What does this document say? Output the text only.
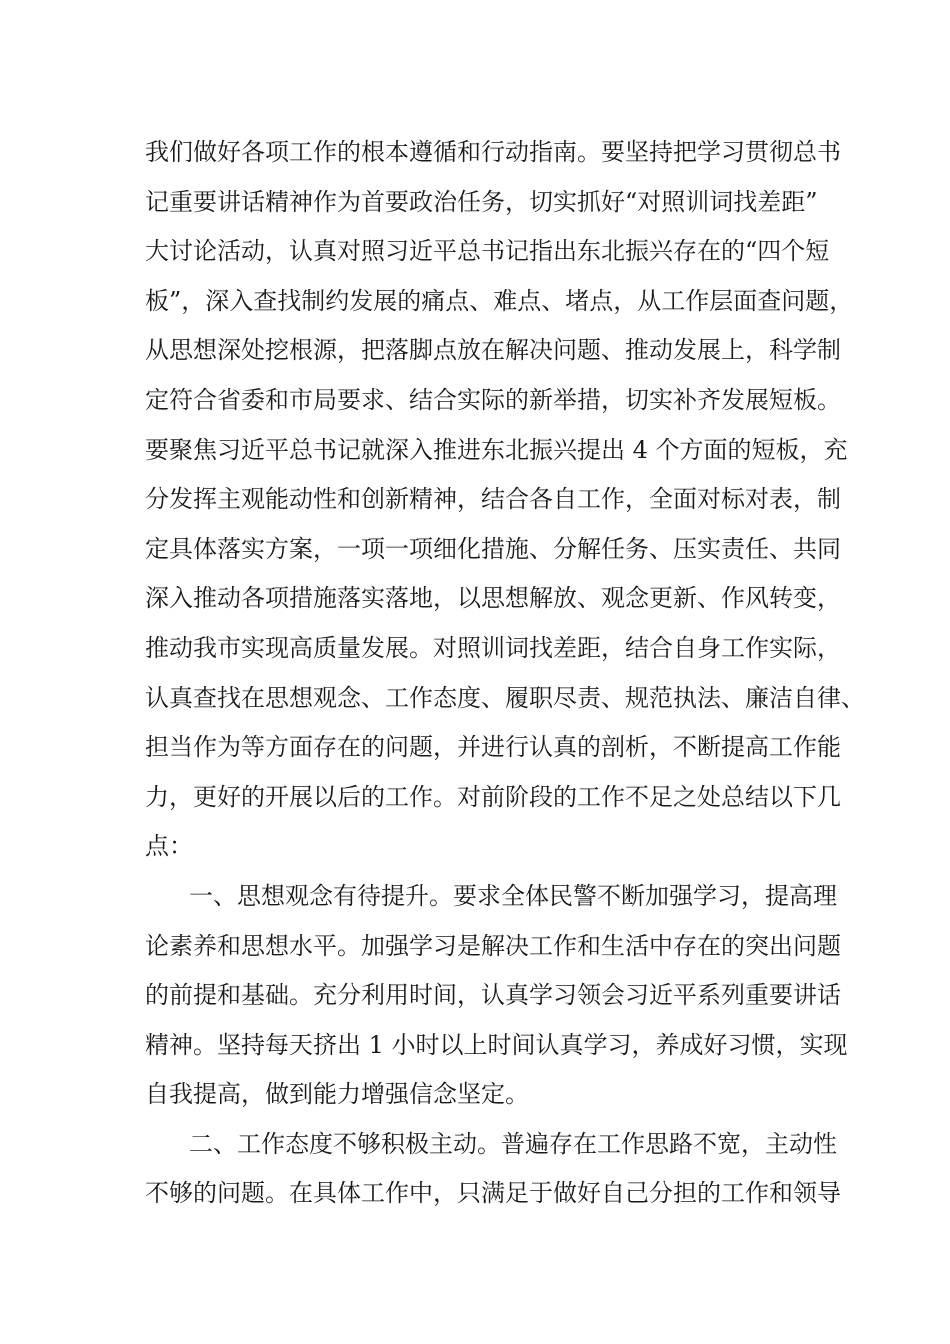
我们做好各项工作的根本遵循和行动指南。要坚持把学习贯彻总书
记重要讲话精神作为首要政治任务，切实抓好“对照训词找差距”
大讨论活动，认真对照习近平总书记指出东北振兴存在的“四个短
板”，深入查找制约发展的痛点、难点、堵点，从工作层面查问题，
从思想深处挖根源，把落脚点放在解决问题、推动发展上，科学制
定符合省委和市局要求、结合实际的新举措，切实补齐发展短板。
要聚焦习近平总书记就深入推进东北振兴提出 4 个方面的短板，充
分发挥主观能动性和创新精神，结合各自工作，全面对标对表，制
定具体落实方案，一项一项细化措施、分解任务、压实责任、共同
深入推动各项措施落实落地，以思想解放、观念更新、作风转变，
推动我市实现高质量发展。对照训词找差距，结合自身工作实际，
认真查找在思想观念、工作态度、履职尽责、规范执法、廉洁自律、
担当作为等方面存在的问题，并进行认真的剖析，不断提高工作能
力，更好的开展以后的工作。对前阶段的工作不足之处总结以下几
点：
一、思想观念有待提升。要求全体民警不断加强学习，提高理
论素养和思想水平。加强学习是解决工作和生活中存在的突出问题
的前提和基础。充分利用时间，认真学习领会习近平系列重要讲话
精神。坚持每天挤出 1 小时以上时间认真学习，养成好习惯，实现
自我提高，做到能力增强信念坚定。
二、工作态度不够积极主动。普遍存在工作思路不宽，主动性
不够的问题。在具体工作中，只满足于做好自己分担的工作和领导
